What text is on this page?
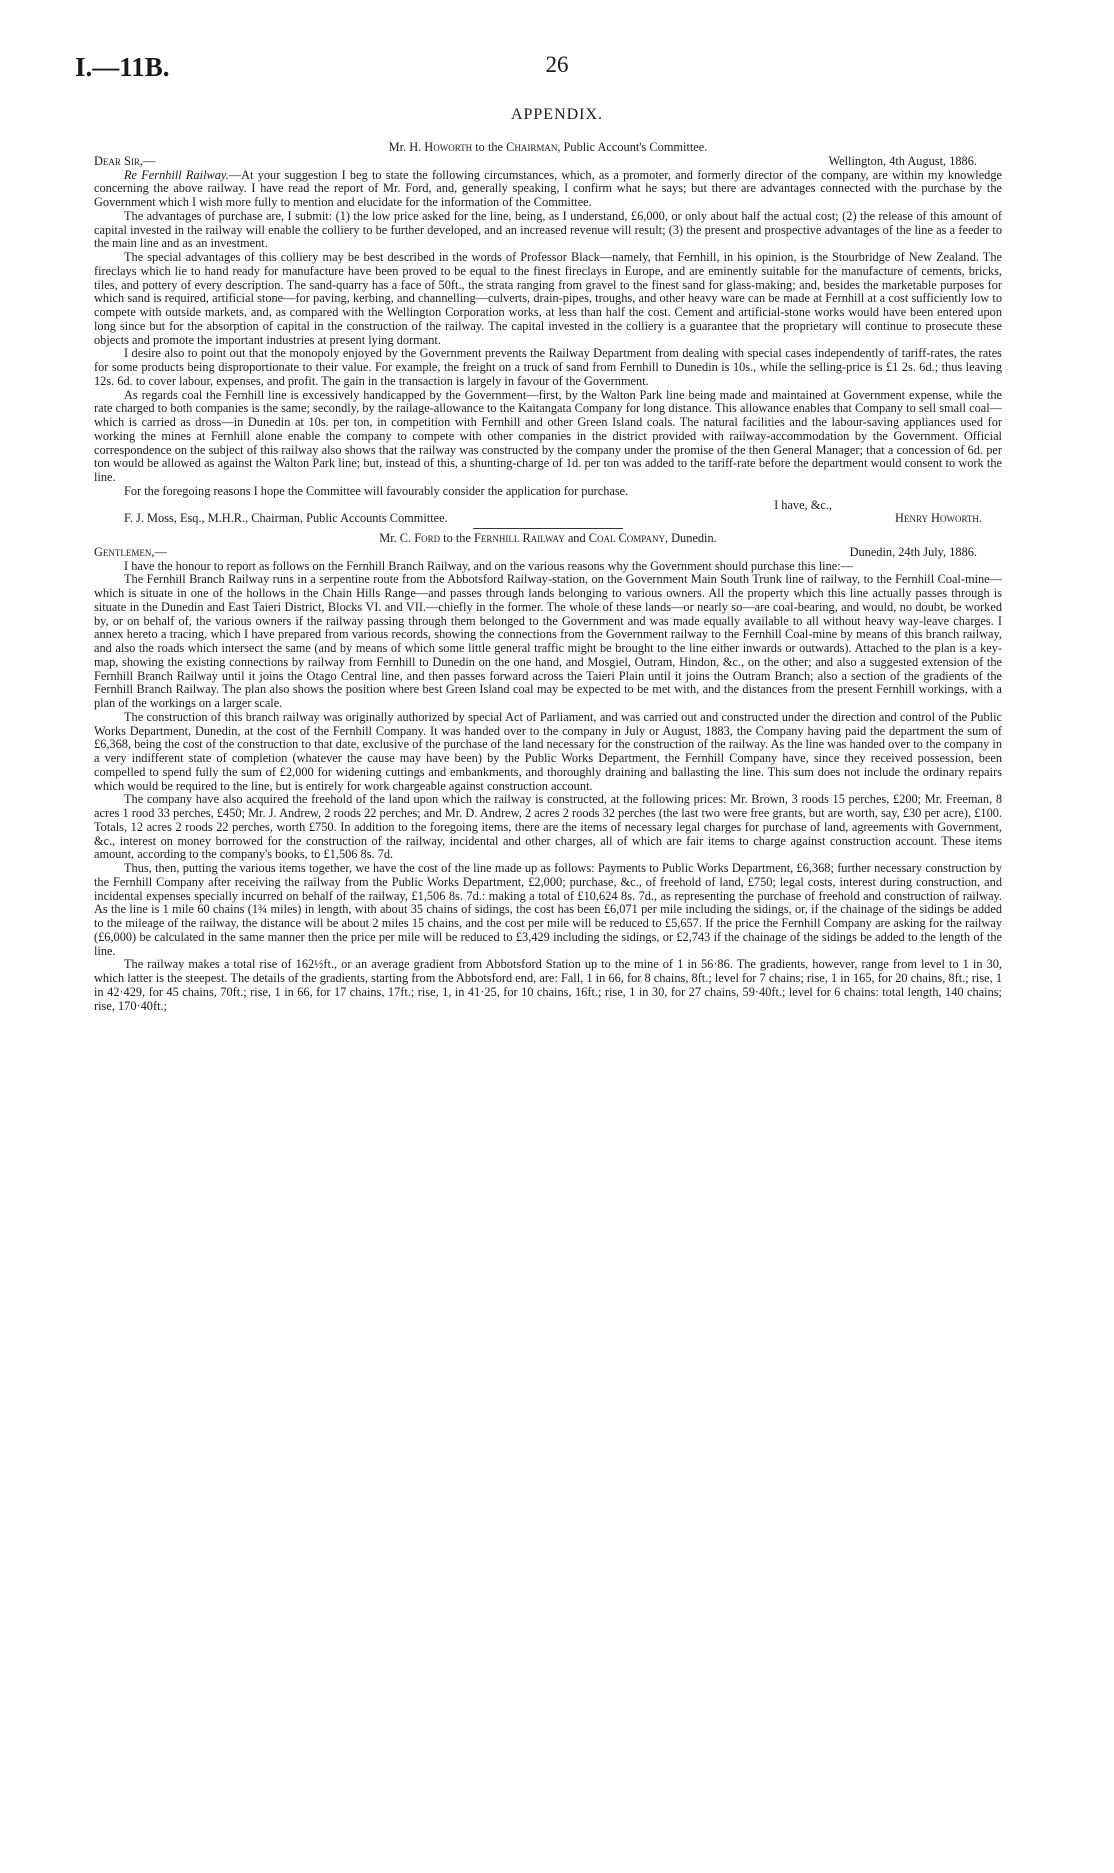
I.—11B.	26
APPENDIX.

Mr. H. Howorth to the Chairman, Public Account's Committee.

Dear Sir,—	Wellington, 4th August, 1886.

Re Fernhill Railway.—At your suggestion I beg to state the following circumstances, which, as a promoter, and formerly director of the company, are within my knowledge concerning the above railway. I have read the report of Mr. Ford, and, generally speaking, I confirm what he says; but there are advantages connected with the purchase by the Government which I wish more fully to mention and elucidate for the information of the Committee.

The advantages of purchase are, I submit: (1) the low price asked for the line, being, as I understand, £6,000, or only about half the actual cost; (2) the release of this amount of capital invested in the railway will enable the colliery to be further developed, and an increased revenue will result; (3) the present and prospective advantages of the line as a feeder to the main line and as an investment.

The special advantages of this colliery may be best described in the words of Professor Black—namely, that Fernhill, in his opinion, is the Stourbridge of New Zealand. The fireclays which lie to hand ready for manufacture have been proved to be equal to the finest fireclays in Europe, and are eminently suitable for the manufacture of cements, bricks, tiles, and pottery of every description. The sand-quarry has a face of 50ft., the strata ranging from gravel to the finest sand for glass-making; and, besides the marketable purposes for which sand is required, artificial stone—for paving, kerbing, and channelling—culverts, drain-pipes, troughs, and other heavy ware can be made at Fernhill at a cost sufficiently low to compete with outside markets, and, as compared with the Wellington Corporation works, at less than half the cost. Cement and artificial-stone works would have been entered upon long since but for the absorption of capital in the construction of the railway. The capital invested in the colliery is a guarantee that the proprietary will continue to prosecute these objects and promote the important industries at present lying dormant.

I desire also to point out that the monopoly enjoyed by the Government prevents the Railway Department from dealing with special cases independently of tariff-rates, the rates for some products being disproportionate to their value. For example, the freight on a truck of sand from Fernhill to Dunedin is 10s., while the selling-price is £1 2s. 6d.; thus leaving 12s. 6d. to cover labour, expenses, and profit. The gain in the transaction is largely in favour of the Government.

As regards coal the Fernhill line is excessively handicapped by the Government—first, by the Walton Park line being made and maintained at Government expense, while the rate charged to both companies is the same; secondly, by the railage-allowance to the Kaitangata Company for long distance. This allowance enables that Company to sell small coal—which is carried as dross—in Dunedin at 10s. per ton, in competition with Fernhill and other Green Island coals. The natural facilities and the labour-saving appliances used for working the mines at Fernhill alone enable the company to compete with other companies in the district provided with railway-accommodation by the Government. Official correspondence on the subject of this railway also shows that the railway was constructed by the company under the promise of the then General Manager; that a concession of 6d. per ton would be allowed as against the Walton Park line; but, instead of this, a shunting-charge of 1d. per ton was added to the tariff-rate before the department would consent to work the line.

For the foregoing reasons I hope the Committee will favourably consider the application for purchase.

I have, &c.,
F. J. Moss, Esq., M.H.R., Chairman, Public Accounts Committee.	Henry Howorth.

Mr. C. Ford to the Fernhill Railway and Coal Company, Dunedin.

Gentlemen,—	Dunedin, 24th July, 1886.

I have the honour to report as follows on the Fernhill Branch Railway, and on the various reasons why the Government should purchase this line:—

The Fernhill Branch Railway runs in a serpentine route from the Abbotsford Railway-station, on the Government Main South Trunk line of railway, to the Fernhill Coal-mine—which is situate in one of the hollows in the Chain Hills Range—and passes through lands belonging to various owners. All the property which this line actually passes through is situate in the Dunedin and East Taieri District, Blocks VI. and VII.—chiefly in the former. The whole of these lands—or nearly so—are coal-bearing, and would, no doubt, be worked by, or on behalf of, the various owners if the railway passing through them belonged to the Government and was made equally available to all without heavy way-leave charges. I annex hereto a tracing, which I have prepared from various records, showing the connections from the Government railway to the Fernhill Coal-mine by means of this branch railway, and also the roads which intersect the same (and by means of which some little general traffic might be brought to the line either inwards or outwards). Attached to the plan is a key-map, showing the existing connections by railway from Fernhill to Dunedin on the one hand, and Mosgiel, Outram, Hindon, &c., on the other; and also a suggested extension of the Fernhill Branch Railway until it joins the Otago Central line, and then passes forward across the Taieri Plain until it joins the Outram Branch; also a section of the gradients of the Fernhill Branch Railway. The plan also shows the position where best Green Island coal may be expected to be met with, and the distances from the present Fernhill workings, with a plan of the workings on a larger scale.

The construction of this branch railway was originally authorized by special Act of Parliament, and was carried out and constructed under the direction and control of the Public Works Department, Dunedin, at the cost of the Fernhill Company. It was handed over to the company in July or August, 1883, the Company having paid the department the sum of £6,368, being the cost of the construction to that date, exclusive of the purchase of the land necessary for the construction of the railway. As the line was handed over to the company in a very indifferent state of completion (whatever the cause may have been) by the Public Works Department, the Fernhill Company have, since they received possession, been compelled to spend fully the sum of £2,000 for widening cuttings and embankments, and thoroughly draining and ballasting the line. This sum does not include the ordinary repairs which would be required to the line, but is entirely for work chargeable against construction account.

The company have also acquired the freehold of the land upon which the railway is constructed, at the following prices: Mr. Brown, 3 roods 15 perches, £200; Mr. Freeman, 8 acres 1 rood 33 perches, £450; Mr. J. Andrew, 2 roods 22 perches; and Mr. D. Andrew, 2 acres 2 roods 32 perches (the last two were free grants, but are worth, say, £30 per acre), £100. Totals, 12 acres 2 roods 22 perches, worth £750. In addition to the foregoing items, there are the items of necessary legal charges for purchase of land, agreements with Government, &c., interest on money borrowed for the construction of the railway, incidental and other charges, all of which are fair items to charge against construction account. These items amount, according to the company's books, to £1,506 8s. 7d.

Thus, then, putting the various items together, we have the cost of the line made up as follows: Payments to Public Works Department, £6,368; further necessary construction by the Fernhill Company after receiving the railway from the Public Works Department, £2,000; purchase, &c., of freehold of land, £750; legal costs, interest during construction, and incidental expenses specially incurred on behalf of the railway, £1,506 8s. 7d.: making a total of £10,624 8s. 7d., as representing the purchase of freehold and construction of railway. As the line is 1 mile 60 chains (1¾ miles) in length, with about 35 chains of sidings, the cost has been £6,071 per mile including the sidings, or, if the chainage of the sidings be added to the mileage of the railway, the distance will be about 2 miles 15 chains, and the cost per mile will be reduced to £5,657. If the price the Fernhill Company are asking for the railway (£6,000) be calculated in the same manner then the price per mile will be reduced to £3,429 including the sidings, or £2,743 if the chainage of the sidings be added to the length of the line.

The railway makes a total rise of 162½ft., or an average gradient from Abbotsford Station up to the mine of 1 in 56·86. The gradients, however, range from level to 1 in 30, which latter is the steepest. The details of the gradients, starting from the Abbotsford end, are: Fall, 1 in 66, for 8 chains, 8ft.; level for 7 chains; rise, 1 in 165, for 20 chains, 8ft.; rise, 1 in 42·429, for 45 chains, 70ft.; rise, 1 in 66, for 17 chains, 17ft.; rise, 1, in 41·25, for 10 chains, 16ft.; rise, 1 in 30, for 27 chains, 59·40ft.; level for 6 chains: total length, 140 chains; rise, 170·40ft.;
